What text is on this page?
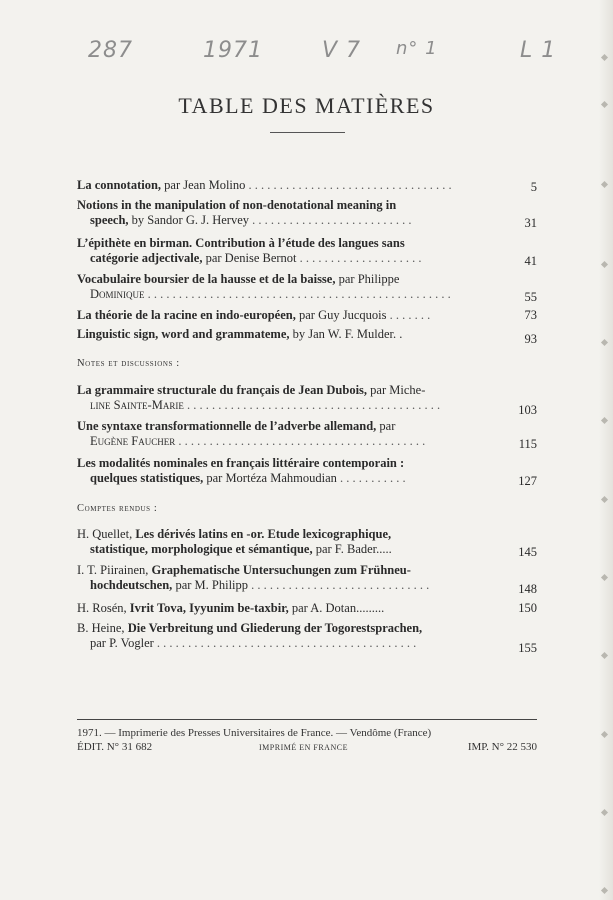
287	1971	V 7 n° 1	L 1
TABLE DES MATIÈRES
La connotation, par Jean Molino . . . . . . . . . . . . . . . . . . . . . . . . . . . . . . . . .	5
Notions in the manipulation of non-denotational meaning in
speech, by Sandor G. J. Hervey . . . . . . . . . . . . . . . . . . . . . . . . . .	31
L’épithète en birman. Contribution à l’étude des langues sans
catégorie adjectivale, par Denise Bernot . . . . . . . . . . . . . . . . . . . .	41
Vocabulaire boursier de la hausse et de la baisse, par Philippe
Dominique . . . . . . . . . . . . . . . . . . . . . . . . . . . . . . . . . . . . . . . . . . . . . . . . .	55
La théorie de la racine en indo-européen, par Guy Jucquois . . . . . . .	73
Linguistic sign, word and grammateme, by Jan W. F. Mulder. .	93
Notes et discussions :
La grammaire structurale du français de Jean Dubois, par Miche-
line Sainte-Marie . . . . . . . . . . . . . . . . . . . . . . . . . . . . . . . . . . . . . . . . .	103
Une syntaxe transformationnelle de l’adverbe allemand, par
Eugène Faucher . . . . . . . . . . . . . . . . . . . . . . . . . . . . . . . . . . . . . . . .	115
Les modalités nominales en français littéraire contemporain :
quelques statistiques, par Mortéza Mahmoudian . . . . . . . . . . .	127
Comptes rendus :
H. Quellet, Les dérivés latins en -or. Etude lexicographique,
statistique, morphologique et sémantique, par F. Bader.....	145
I. T. Piirainen, Graphematische Untersuchungen zum Frühneu-
hochdeutschen, par M. Philipp . . . . . . . . . . . . . . . . . . . . . . . . . . . . .	148
H. Rosén, Ivrit Tova, Iyyunim be-taxbir, par A. Dotan.........	150
B. Heine, Die Verbreitung und Gliederung der Togorestsprachen,
par P. Vogler . . . . . . . . . . . . . . . . . . . . . . . . . . . . . . . . . . . . . . . . . .	155
1971. — Imprimerie des Presses Universitaires de France. — Vendôme (France)
ÉDIT. N° 31 682	IMPRIMÉ EN FRANCE	IMP. N° 22 530
